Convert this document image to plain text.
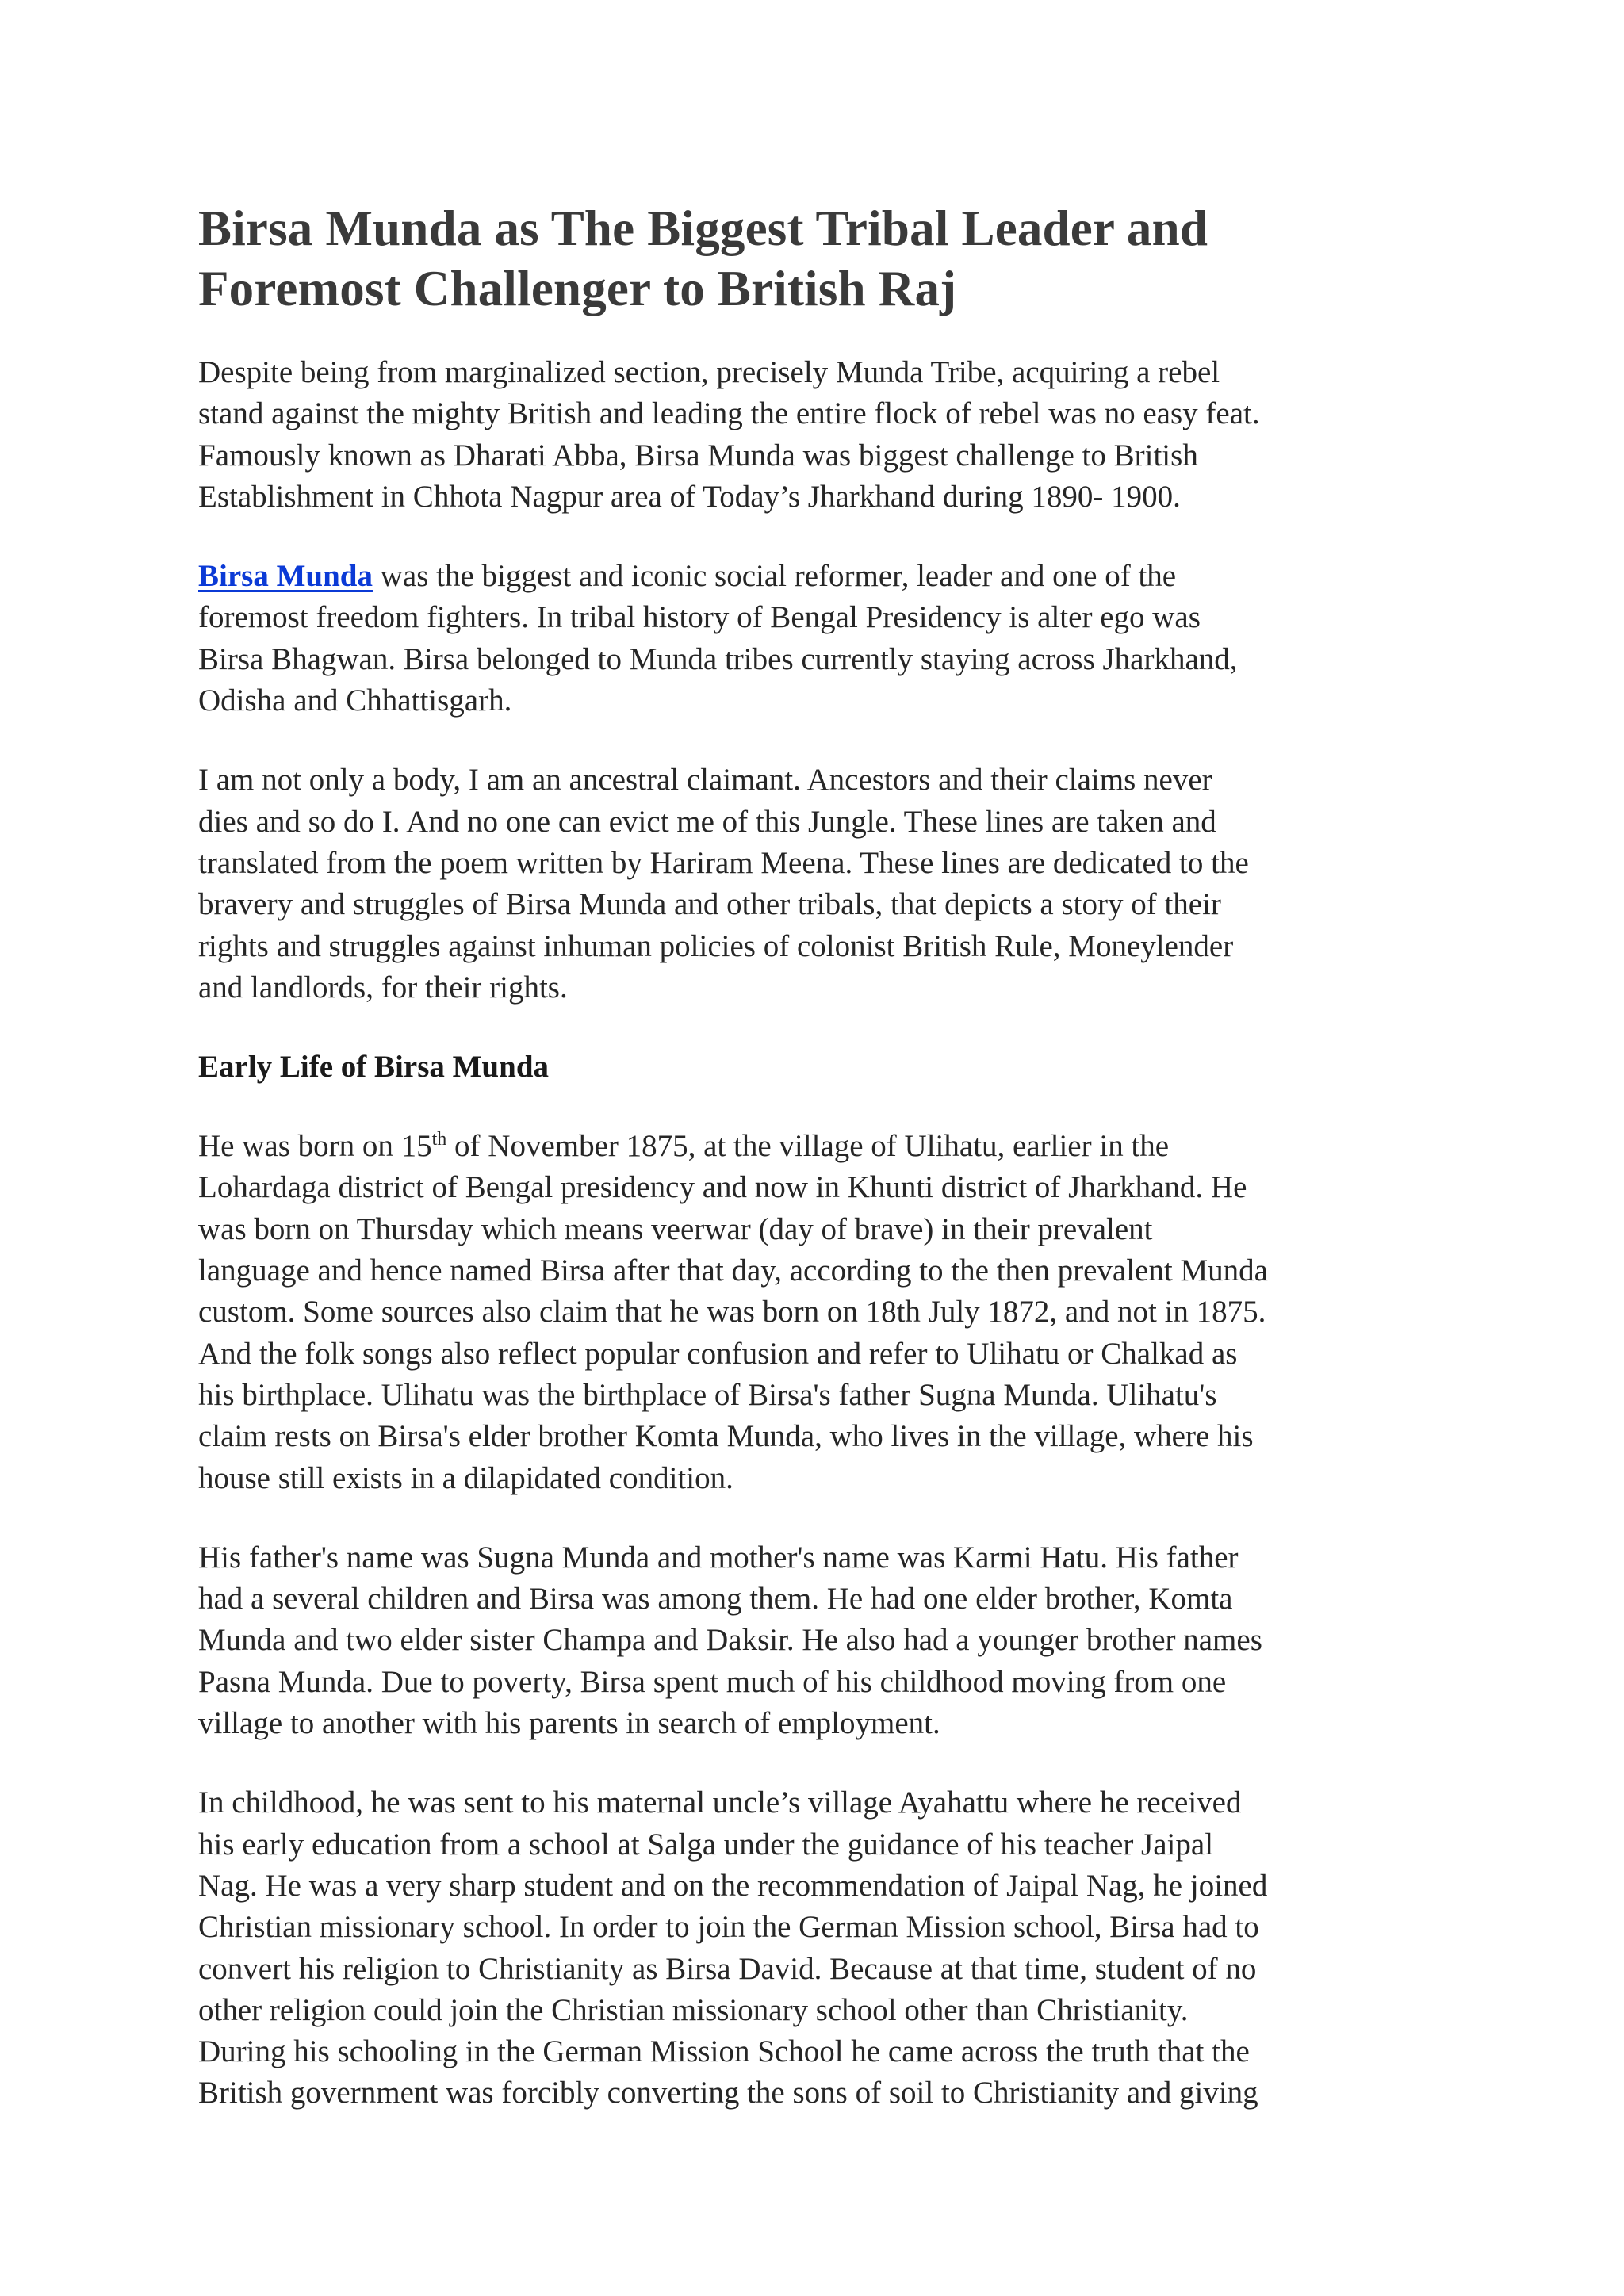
Birsa Munda as The Biggest Tribal Leader and
Foremost Challenger to British Raj

Despite being from marginalized section, precisely Munda Tribe, acquiring a rebel
stand against the mighty British and leading the entire flock of rebel was no easy feat.
Famously known as Dharati Abba, Birsa Munda was biggest challenge to British
Establishment in Chhota Nagpur area of Today’s Jharkhand during 1890- 1900.

Birsa Munda was the biggest and iconic social reformer, leader and one of the
foremost freedom fighters. In tribal history of Bengal Presidency is alter ego was
Birsa Bhagwan. Birsa belonged to Munda tribes currently staying across Jharkhand,
Odisha and Chhattisgarh.

I am not only a body, I am an ancestral claimant. Ancestors and their claims never
dies and so do I. And no one can evict me of this Jungle. These lines are taken and
translated from the poem written by Hariram Meena. These lines are dedicated to the
bravery and struggles of Birsa Munda and other tribals, that depicts a story of their
rights and struggles against inhuman policies of colonist British Rule, Moneylender
and landlords, for their rights.

Early Life of Birsa Munda

He was born on 15th of November 1875, at the village of Ulihatu, earlier in the
Lohardaga district of Bengal presidency and now in Khunti district of Jharkhand. He
was born on Thursday which means veerwar (day of brave) in their prevalent
language and hence named Birsa after that day, according to the then prevalent Munda
custom. Some sources also claim that he was born on 18th July 1872, and not in 1875.
And the folk songs also reflect popular confusion and refer to Ulihatu or Chalkad as
his birthplace. Ulihatu was the birthplace of Birsa's father Sugna Munda. Ulihatu's
claim rests on Birsa's elder brother Komta Munda, who lives in the village, where his
house still exists in a dilapidated condition.

His father's name was Sugna Munda and mother's name was Karmi Hatu. His father
had a several children and Birsa was among them. He had one elder brother, Komta
Munda and two elder sister Champa and Daksir. He also had a younger brother names
Pasna Munda. Due to poverty, Birsa spent much of his childhood moving from one
village to another with his parents in search of employment.

In childhood, he was sent to his maternal uncle’s village Ayahattu where he received
his early education from a school at Salga under the guidance of his teacher Jaipal
Nag. He was a very sharp student and on the recommendation of Jaipal Nag, he joined
Christian missionary school. In order to join the German Mission school, Birsa had to
convert his religion to Christianity as Birsa David. Because at that time, student of no
other religion could join the Christian missionary school other than Christianity.
During his schooling in the German Mission School he came across the truth that the
British government was forcibly converting the sons of soil to Christianity and giving
